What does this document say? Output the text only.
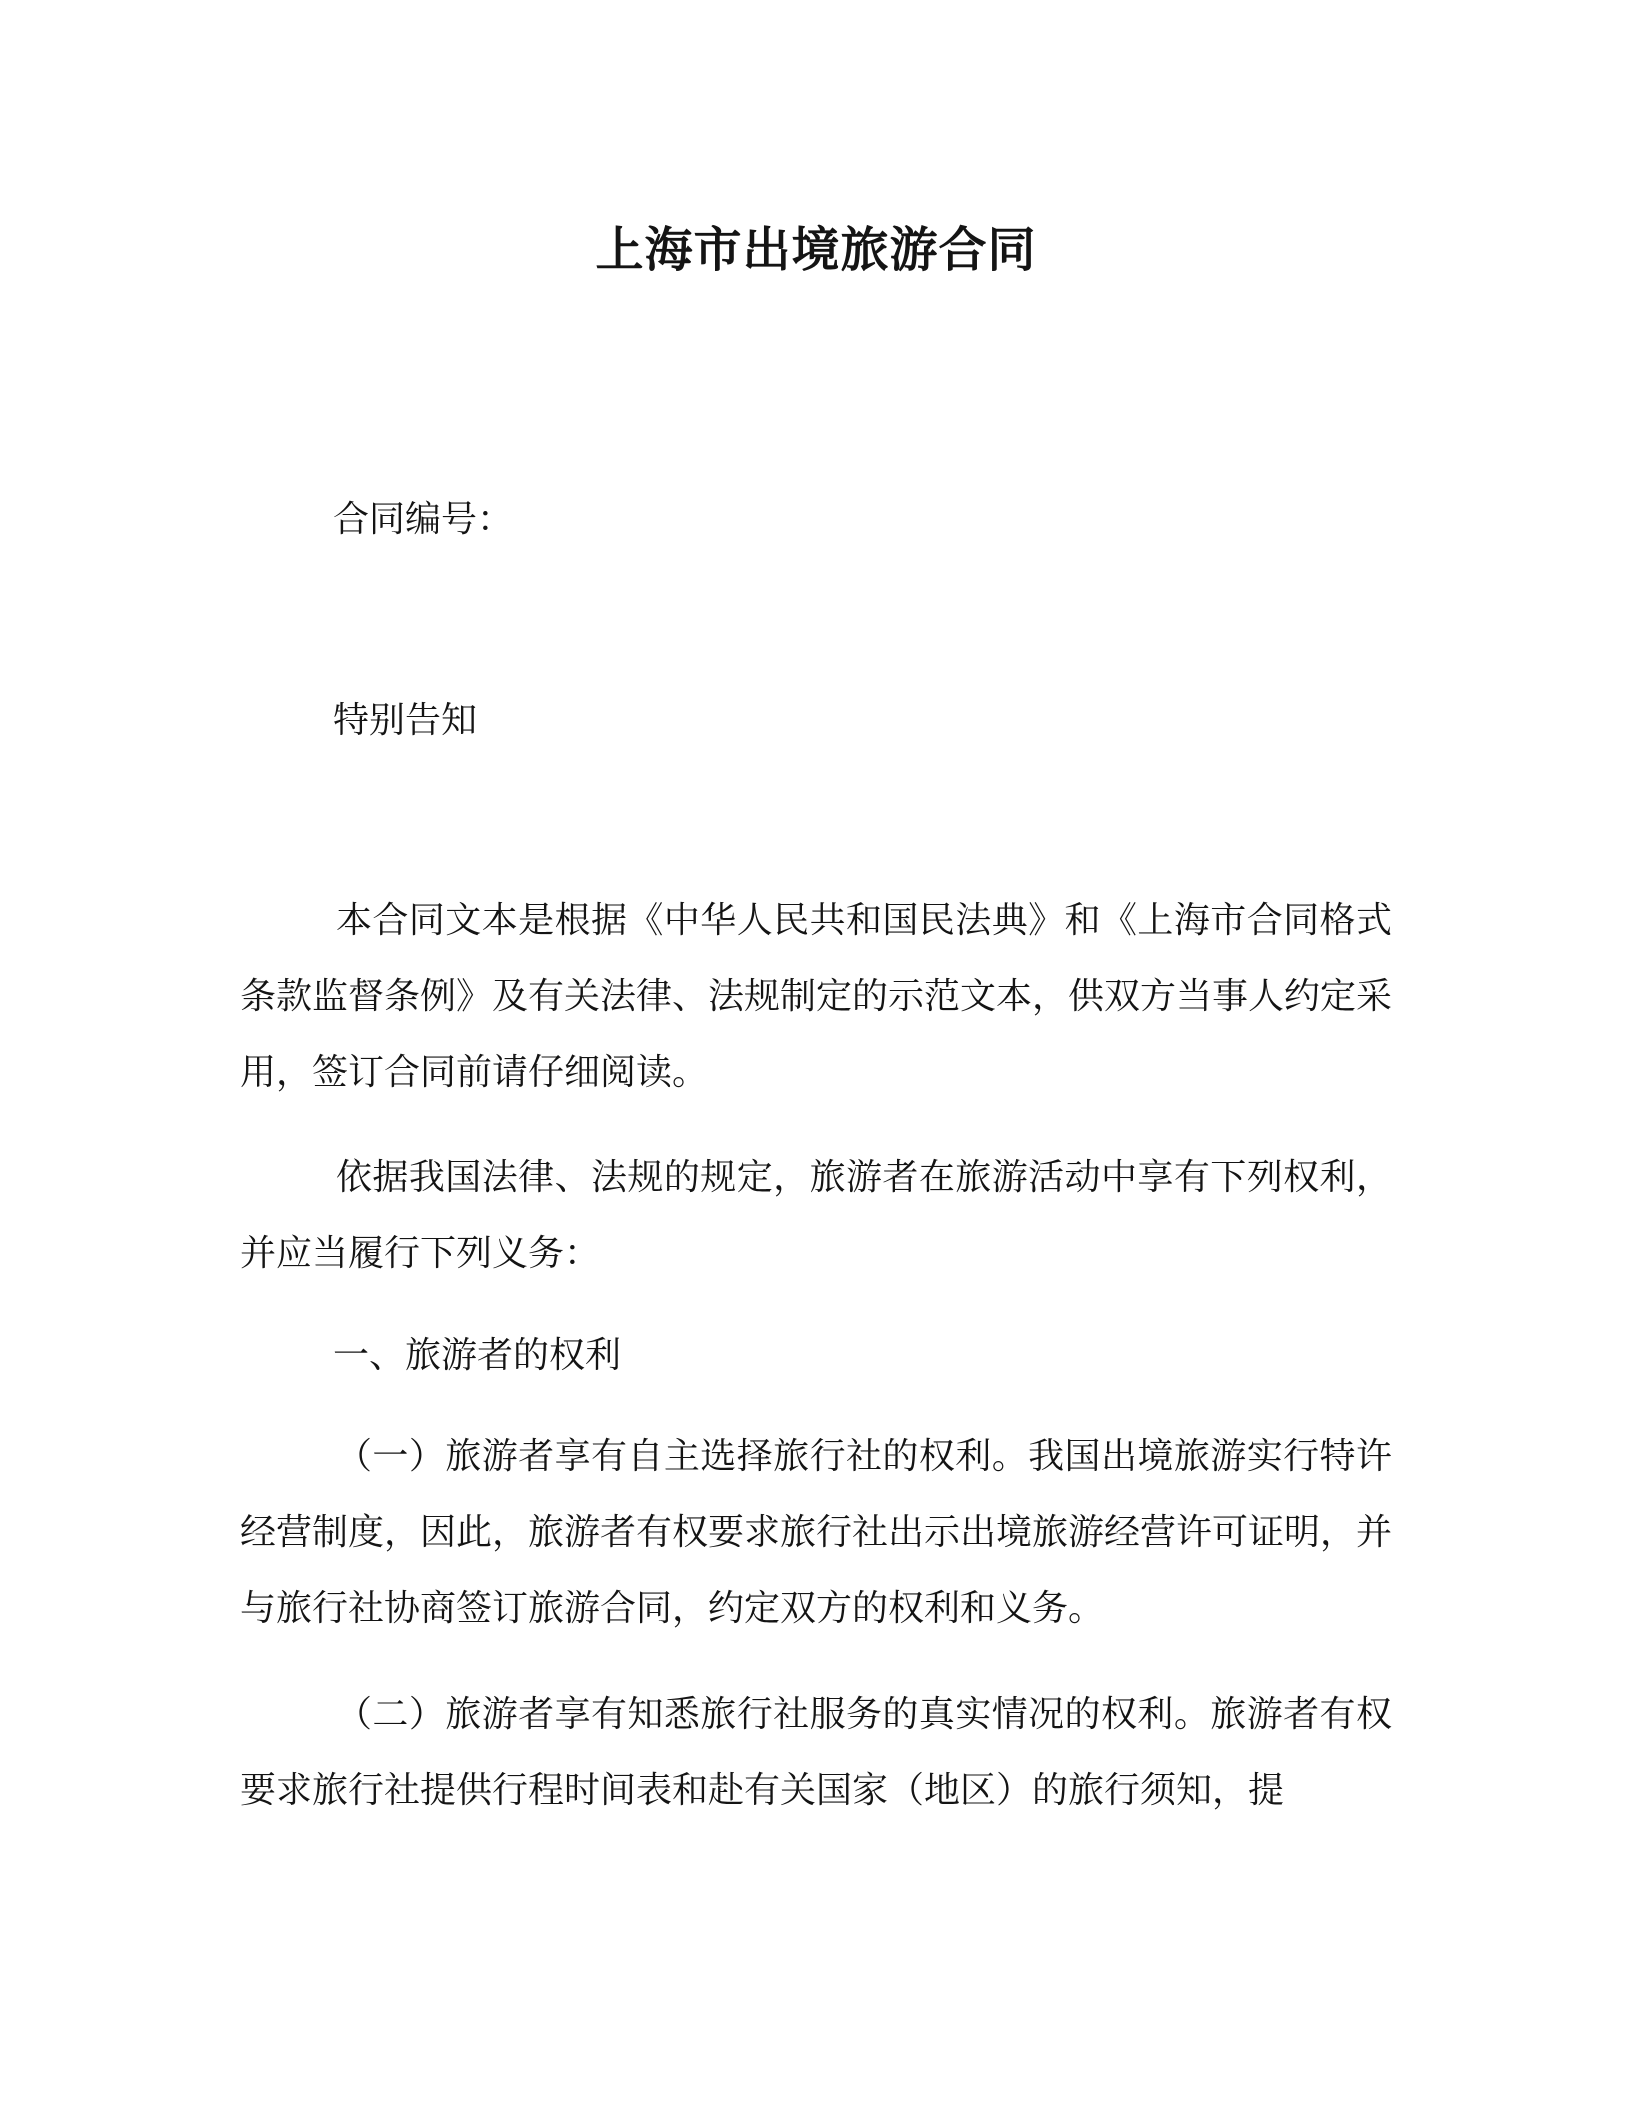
上海市出境旅游合同

合同编号：

特别告知

本合同文本是根据《中华人民共和国民法典》和《上海市合同格式条款监督条例》及有关法律、法规制定的示范文本，供双方当事人约定采用，签订合同前请仔细阅读。

依据我国法律、法规的规定，旅游者在旅游活动中享有下列权利，并应当履行下列义务：

一、旅游者的权利

（一）旅游者享有自主选择旅行社的权利。我国出境旅游实行特许经营制度，因此，旅游者有权要求旅行社出示出境旅游经营许可证明，并与旅行社协商签订旅游合同，约定双方的权利和义务。

（二）旅游者享有知悉旅行社服务的真实情况的权利。旅游者有权要求旅行社提供行程时间表和赴有关国家（地区）的旅行须知，提
